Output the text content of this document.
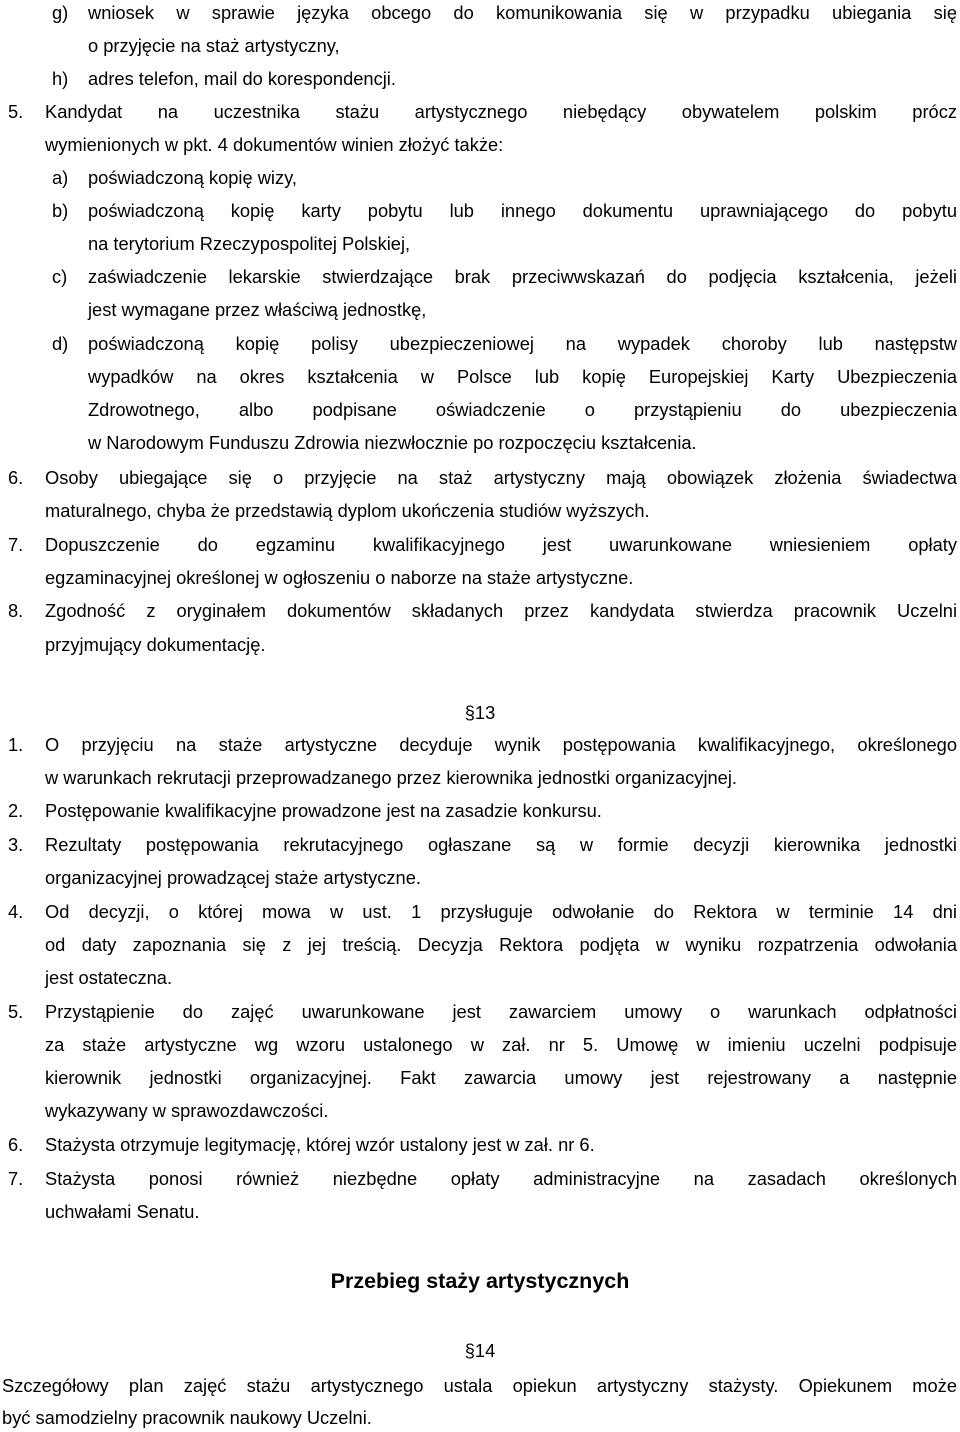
g) wniosek w sprawie języka obcego do komunikowania się w przypadku ubiegania się
o przyjęcie na staż artystyczny,
h) adres telefon, mail do korespondencji.
5. Kandydat na uczestnika stażu artystycznego niebędący obywatelem polskim prócz
wymienionych w pkt. 4 dokumentów winien złożyć także:
a) poświadczoną kopię wizy,
b) poświadczoną kopię karty pobytu lub innego dokumentu uprawniającego do pobytu
na terytorium Rzeczypospolitej Polskiej,
c) zaświadczenie lekarskie stwierdzające brak przeciwwskazań do podjęcia kształcenia, jeżeli
jest wymagane przez właściwą jednostkę,
d) poświadczoną kopię polisy ubezpieczeniowej na wypadek choroby lub następstw
wypadków na okres kształcenia w Polsce lub kopię Europejskiej Karty Ubezpieczenia
Zdrowotnego, albo podpisane oświadczenie o przystąpieniu do ubezpieczenia
w Narodowym Funduszu Zdrowia niezwłocznie po rozpoczęciu kształcenia.
6. Osoby ubiegające się o przyjęcie na staż artystyczny mają obowiązek złożenia świadectwa
maturalnego, chyba że przedstawią dyplom ukończenia studiów wyższych.
7. Dopuszczenie do egzaminu kwalifikacyjnego jest uwarunkowane wniesieniem opłaty
egzaminacyjnej określonej w ogłoszeniu o naborze na staże artystyczne.
8. Zgodność z oryginałem dokumentów składanych przez kandydata stwierdza pracownik Uczelni
przyjmujący dokumentację.
§13
1. O przyjęciu na staże artystyczne decyduje wynik postępowania kwalifikacyjnego, określonego
w warunkach rekrutacji przeprowadzanego przez kierownika jednostki organizacyjnej.
2. Postępowanie kwalifikacyjne prowadzone jest na zasadzie konkursu.
3. Rezultaty postępowania rekrutacyjnego ogłaszane są w formie decyzji kierownika jednostki
organizacyjnej prowadzącej staże artystyczne.
4. Od decyzji, o której mowa w ust. 1 przysługuje odwołanie do Rektora w terminie 14 dni
od daty zapoznania się z jej treścią. Decyzja Rektora podjęta w wyniku rozpatrzenia odwołania
jest ostateczna.
5. Przystąpienie do zajęć uwarunkowane jest zawarciem umowy o warunkach odpłatności
za staże artystyczne wg wzoru ustalonego w zał. nr 5. Umowę w imieniu uczelni podpisuje
kierownik jednostki organizacyjnej. Fakt zawarcia umowy jest rejestrowany a następnie
wykazywany w sprawozdawczości.
6. Stażysta otrzymuje legitymację, której wzór ustalony jest w zał. nr 6.
7. Stażysta ponosi również niezbędne opłaty administracyjne na zasadach określonych
uchwałami Senatu.
Przebieg staży artystycznych
§14
Szczegółowy plan zajęć stażu artystycznego ustala opiekun artystyczny stażysty. Opiekunem może
być samodzielny pracownik naukowy Uczelni.
